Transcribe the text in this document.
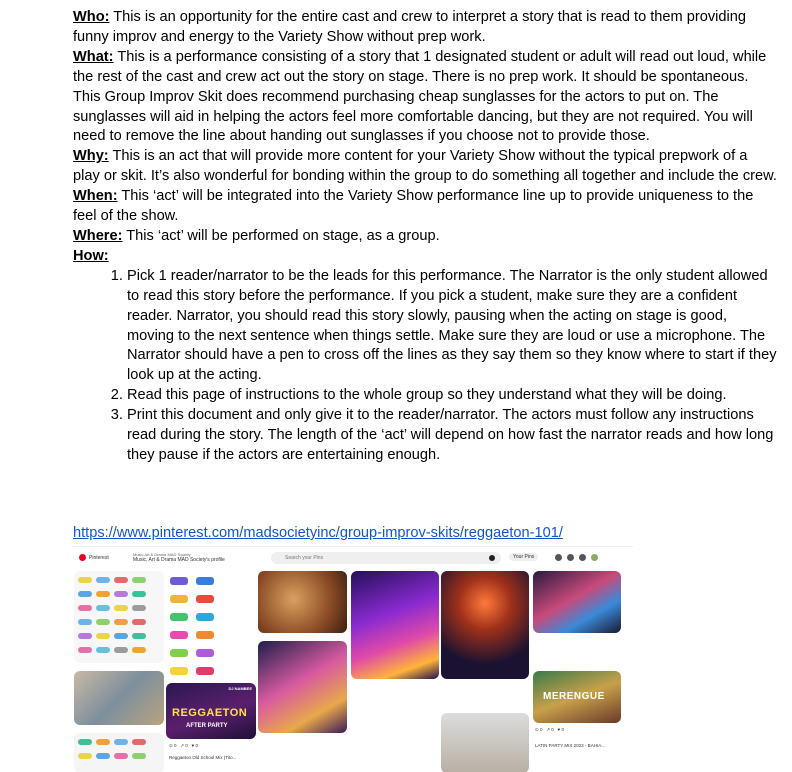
Who: This is an opportunity for the entire cast and crew to interpret a story that is read to them providing funny improv and energy to the Variety Show without prep work.

What: This is a performance consisting of a story that 1 designated student or adult will read out loud, while the rest of the cast and crew act out the story on stage. There is no prep work. It should be spontaneous. This Group Improv Skit does recommend purchasing cheap sunglasses for the actors to put on. The sunglasses will aid in helping the actors feel more comfortable dancing, but they are not required. You will need to remove the line about handing out sunglasses if you choose not to provide those.

Why: This is an act that will provide more content for your Variety Show without the typical prepwork of a play or skit. It’s also wonderful for bonding within the group to do something all together and include the crew.

When: This ‘act’ will be integrated into the Variety Show performance line up to provide uniqueness to the feel of the show.

Where: This ‘act’ will be performed on stage, as a group.

How:

1. Pick 1 reader/narrator to be the leads for this performance. The Narrator is the only student allowed to read this story before the performance. If you pick a student, make sure they are a confident reader. Narrator, you should read this story slowly, pausing when the acting on stage is good, moving to the next sentence when things settle. Make sure they are loud or use a microphone. The Narrator should have a pen to cross off the lines as they say them so they know where to start if they look up at the acting.
2. Read this page of instructions to the whole group so they understand what they will be doing.
3. Print this document and only give it to the reader/narrator. The actors must follow any instructions read during the story. The length of the ‘act’ will depend on how fast the narrator reads and how long they pause if the actors are entertaining enough.
https://www.pinterest.com/madsocietyinc/group-improv-skits/reggaeton-101/
Pinterest
Music Art & Drama MAD Society
Music, Art & Drama MAD Society's profile	Search your Pins	Your Pins
DJ NAMBEE
REGGAETON
AFTER PARTY
⊙ 0   ↗ 0   ♥ 0
Reggaeton Old School Mix (Tito...
MERENGUE
⊙ 0   ↗ 0   ♥ 0
LATIN PARTY MIX 2023 - BAHIA...
